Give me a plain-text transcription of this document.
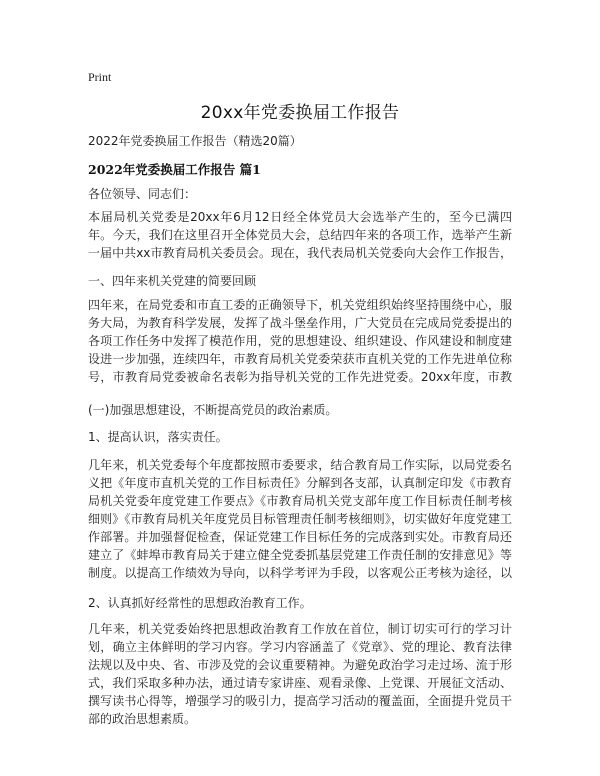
Print
20xx年党委换届工作报告
2022年党委换届工作报告（精选20篇）
2022年党委换届工作报告 篇1

各位领导、同志们：

本届局机关党委是20xx年6月12日经全体党员大会选举产生的，至今已满四年。今天，我们在这里召开全体党员大会，总结四年来的各项工作，选举产生新一届中共xx市教育局机关委员会。现在，我代表局机关党委向大会作工作报告，

一、四年来机关党建的简要回顾

四年来，在局党委和市直工委的正确领导下，机关党组织始终坚持围绕中心，服务大局，为教育科学发展，发挥了战斗堡垒作用，广大党员在完成局党委提出的各项工作任务中发挥了模范作用，党的思想建设、组织建设、作风建设和制度建设进一步加强，连续四年，市教育局机关党委荣获市直机关党的工作先进单位称号，市教育局党委被命名表彰为指导机关党的工作先进党委。20xx年度，市教

(一)加强思想建设，不断提高党员的政治素质。

1、提高认识，落实责任。

几年来，机关党委每个年度都按照市委要求，结合教育局工作实际，以局党委名义把《年度市直机关党的工作目标责任》分解到各支部，认真制定印发《市教育局机关党委年度党建工作要点》《市教育局机关党支部年度工作目标责任制考核细则》《市教育局机关年度党员目标管理责任制考核细则》，切实做好年度党建工作部署。并加强督促检查，保证党建工作目标任务的完成落到实处。市教育局还建立了《蚌埠市教育局关于建立健全党委抓基层党建工作责任制的安排意见》等制度。以提高工作绩效为导向，以科学考评为手段，以客观公正考核为途径，以

2、认真抓好经常性的思想政治教育工作。

几年来，机关党委始终把思想政治教育工作放在首位，制订切实可行的学习计划，确立主体鲜明的学习内容。学习内容涵盖了《党章》、党的理论、教育法律法规以及中央、省、市涉及党的会议重要精神。为避免政治学习走过场、流于形式，我们采取多种办法，通过请专家讲座、观看录像、上党课、开展征文活动、撰写读书心得等，增强学习的吸引力，提高学习活动的覆盖面，全面提升党员干部的政治思想素质。
